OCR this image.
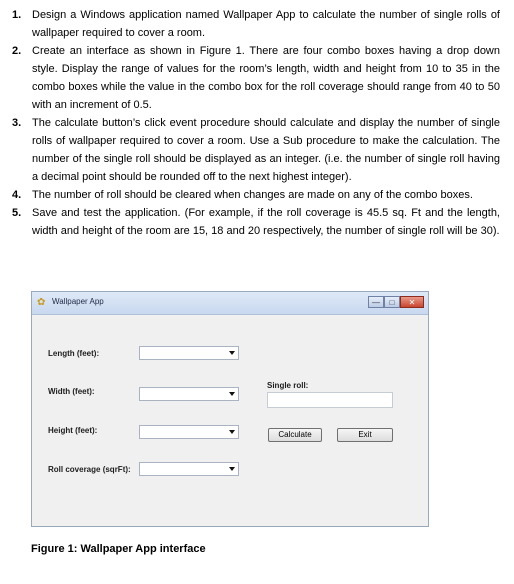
1. Design a Windows application named Wallpaper App to calculate the number of single rolls of wallpaper required to cover a room.
2. Create an interface as shown in Figure 1. There are four combo boxes having a drop down style. Display the range of values for the room’s length, width and height from 10 to 35 in the combo boxes while the value in the combo box for the roll coverage should range from 40 to 50 with an increment of 0.5.
3. The calculate button’s click event procedure should calculate and display the number of single rolls of wallpaper required to cover a room. Use a Sub procedure to make the calculation. The number of the single roll should be displayed as an integer. (i.e. the number of single roll having a decimal point should be rounded off to the next highest integer).
4. The number of roll should be cleared when changes are made on any of the combo boxes.
5. Save and test the application. (For example, if the roll coverage is 45.5 sq. Ft and the length, width and height of the room are 15, 18 and 20 respectively, the number of single roll will be 30).
✿ Wallpaper App	—	□	✕
Length (feet):
Width (feet):
Height (feet):
Roll coverage (sqrFt):
Single roll:
Calculate	Exit
Figure 1: Wallpaper App interface
